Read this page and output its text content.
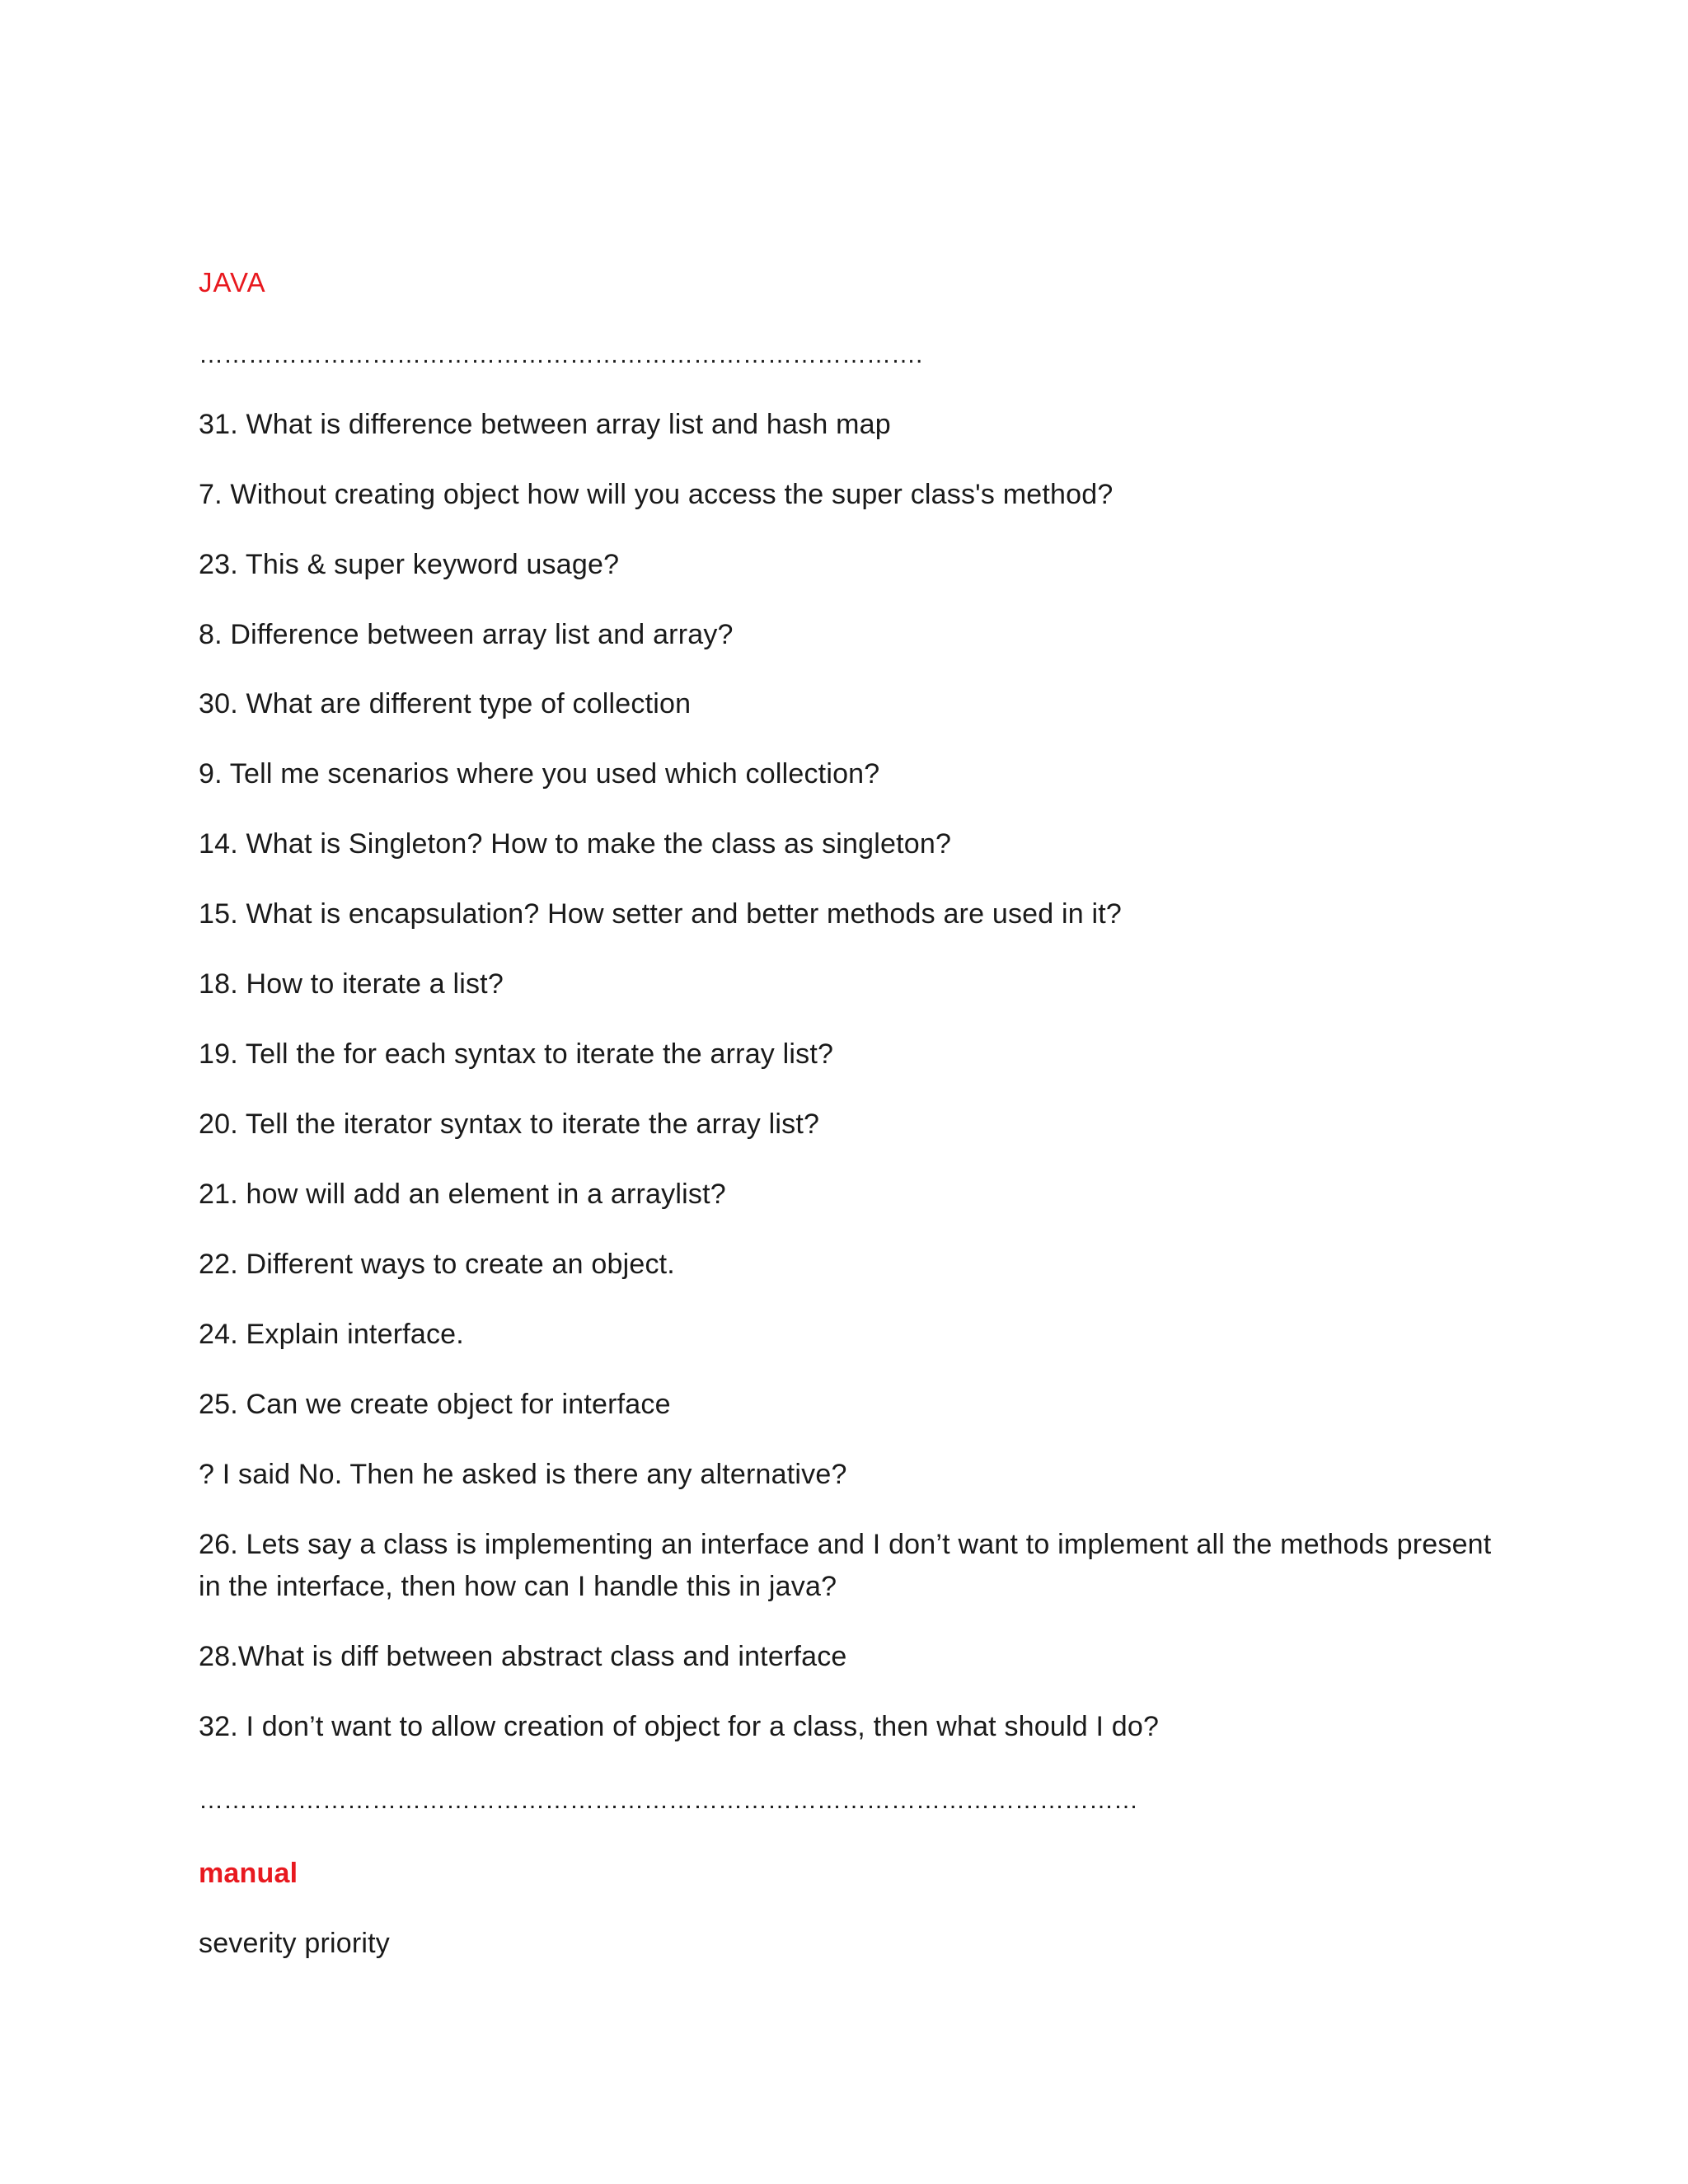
JAVA
…………………………………………………………………………….
31. What is difference between array list and hash map
7. Without creating object how will you access the super class's method?
23. This & super keyword usage?
8. Difference between array list and array?
30. What are different type of collection
9. Tell me scenarios where you used which collection?
14. What is Singleton? How to make the class as singleton?
15. What is encapsulation? How setter and better methods are used in it?
18. How to iterate a list?
19. Tell the for each syntax to iterate the array list?
20. Tell the iterator syntax to iterate the array list?
21. how will add an element in a arraylist?
22. Different ways to create an object.
24. Explain interface.
25. Can we create object for interface
? I said No. Then he asked is there any alternative?
26. Lets say a class is implementing an interface and I don’t want to implement all the methods present
in the interface, then how can I handle this in java?
28.What is diff between abstract class and interface
32. I don’t want to allow creation of object for a class, then what should I do?
……………………………………………………………………………………………………
manual
severity priority
